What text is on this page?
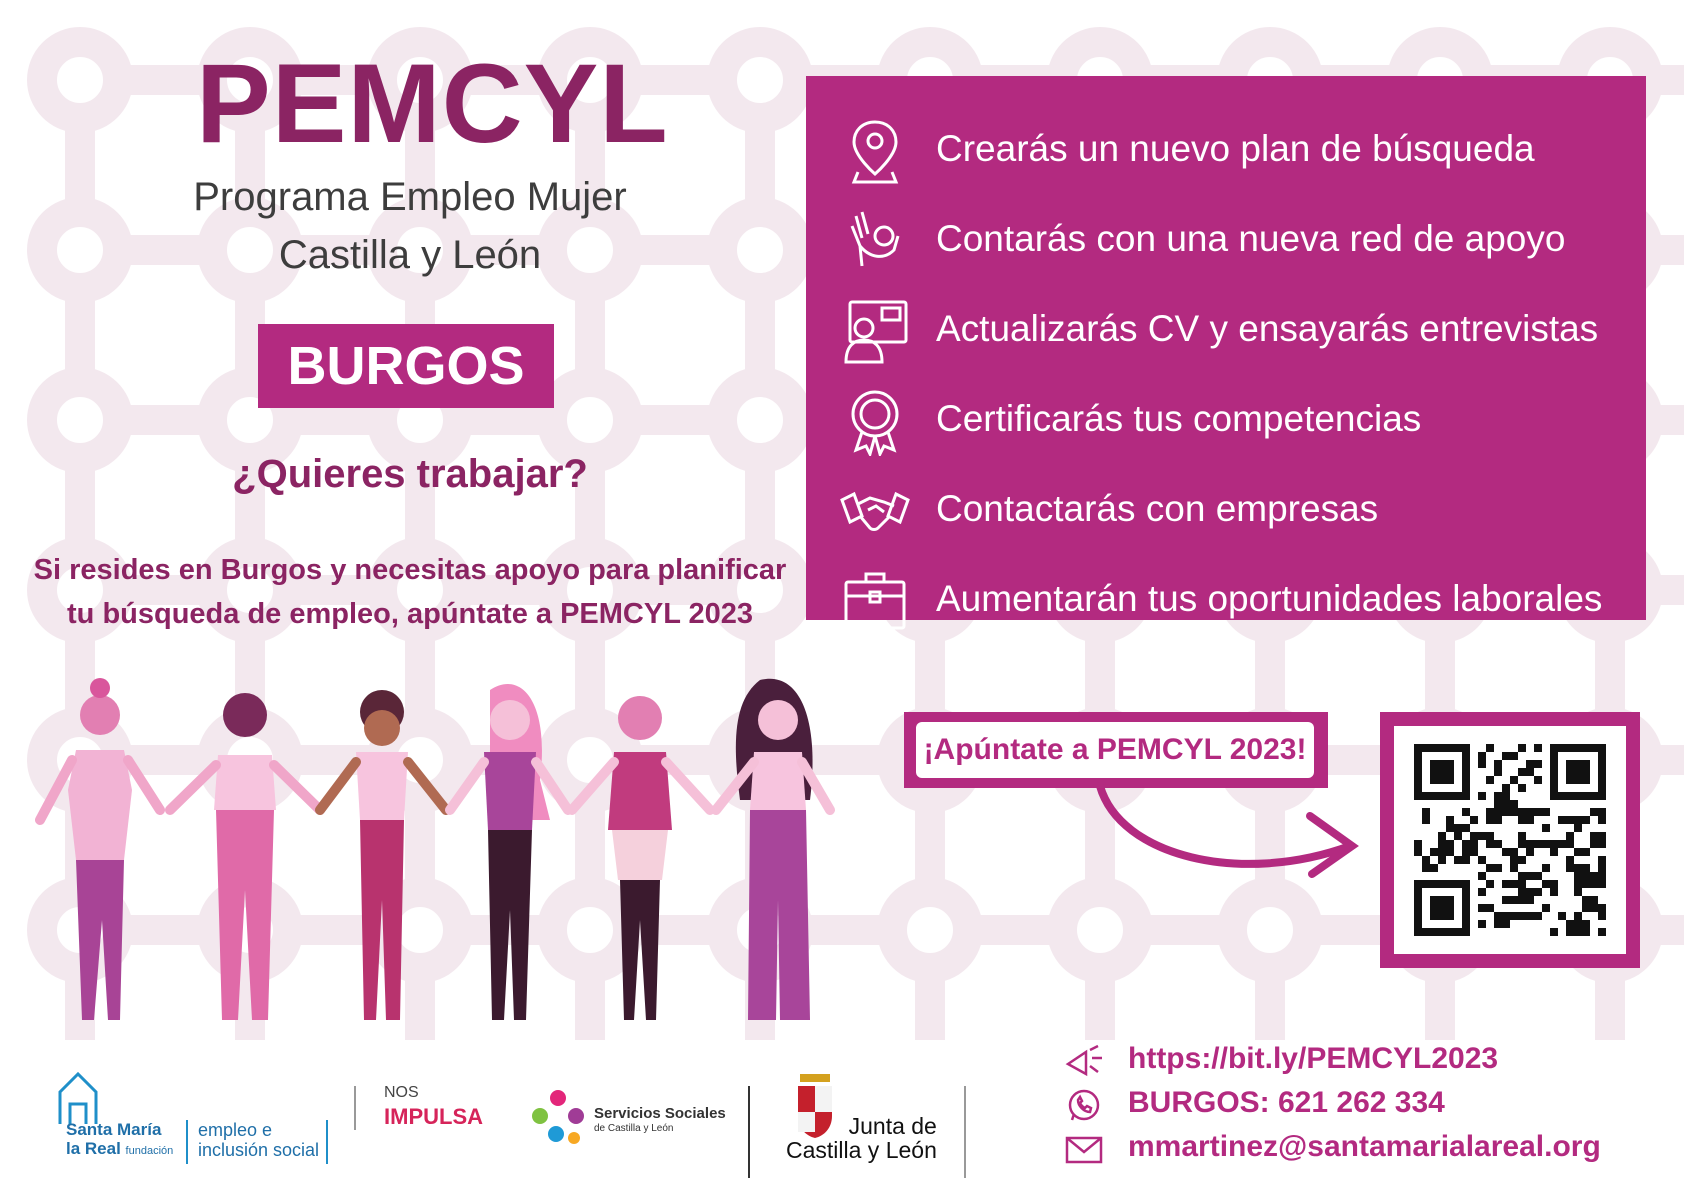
PEMCYL
Programa Empleo Mujer
Castilla y León
BURGOS
¿Quieres trabajar?
Si resides en Burgos y necesitas apoyo para planificar
tu búsqueda de empleo, apúntate a PEMCYL 2023
Crearás un nuevo plan de búsqueda
Contarás con una nueva red de apoyo
Actualizarás CV y ensayarás entrevistas
Certificarás tus competencias
Contactarás con empresas
Aumentarán tus oportunidades laborales
¡Apúntate a PEMCYL 2023!
https://bit.ly/PEMCYL2023
BURGOS: 621 262 334
mmartinez@santamarialareal.org
Santa María
la Real fundación
empleo e
inclusión social
NOS
IMPULSA	Servicios Sociales
de Castilla y León	Junta de
Castilla y León
